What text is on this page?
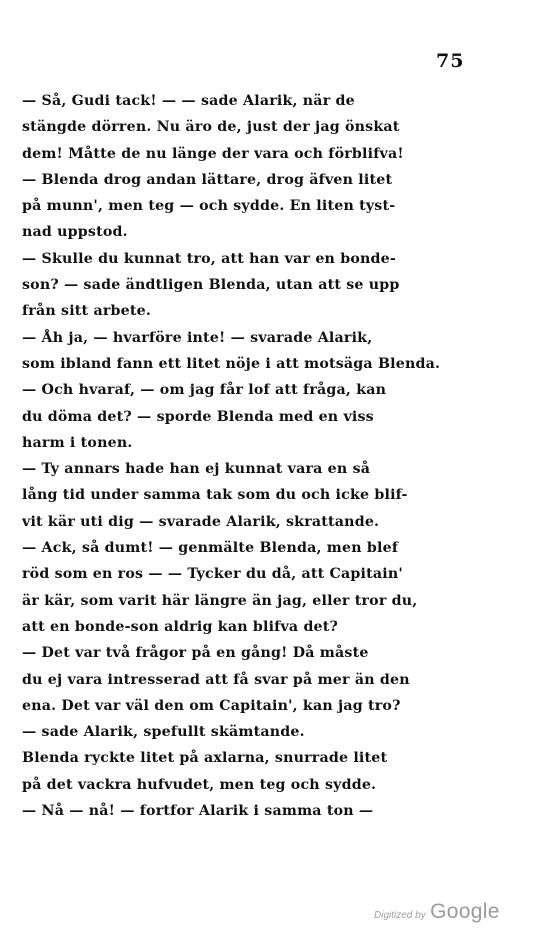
75
— Så, Gudi tack! — — sade Alarik, när de
stängde dörren. Nu äro de, just der jag önskat
dem! Måtte de nu länge der vara och förblifva!
— Blenda drog andan lättare, drog äfven litet
på munn', men teg — och sydde. En liten tyst-
nad uppstod.
— Skulle du kunnat tro, att han var en bonde-
son? — sade ändtligen Blenda, utan att se upp
från sitt arbete.
— Åh ja, — hvarföre inte! — svarade Alarik,
som ibland fann ett litet nöje i att motsäga Blenda.
— Och hvaraf, — om jag får lof att fråga, kan
du döma det? — sporde Blenda med en viss
harm i tonen.
— Ty annars hade han ej kunnat vara en så
lång tid under samma tak som du och icke blif-
vit kär uti dig — svarade Alarik, skrattande.
— Ack, så dumt! — genmälte Blenda, men blef
röd som en ros — — Tycker du då, att Capitain'
är kär, som varit här längre än jag, eller tror du,
att en bonde-son aldrig kan blifva det?
— Det var två frågor på en gång! Då måste
du ej vara intresserad att få svar på mer än den
ena. Det var väl den om Capitain', kan jag tro?
— sade Alarik, spefullt skämtande.
Blenda ryckte litet på axlarna, snurrade litet
på det vackra hufvudet, men teg och sydde.
— Nå — nå! — fortfor Alarik i samma ton —
Digitized by Google
